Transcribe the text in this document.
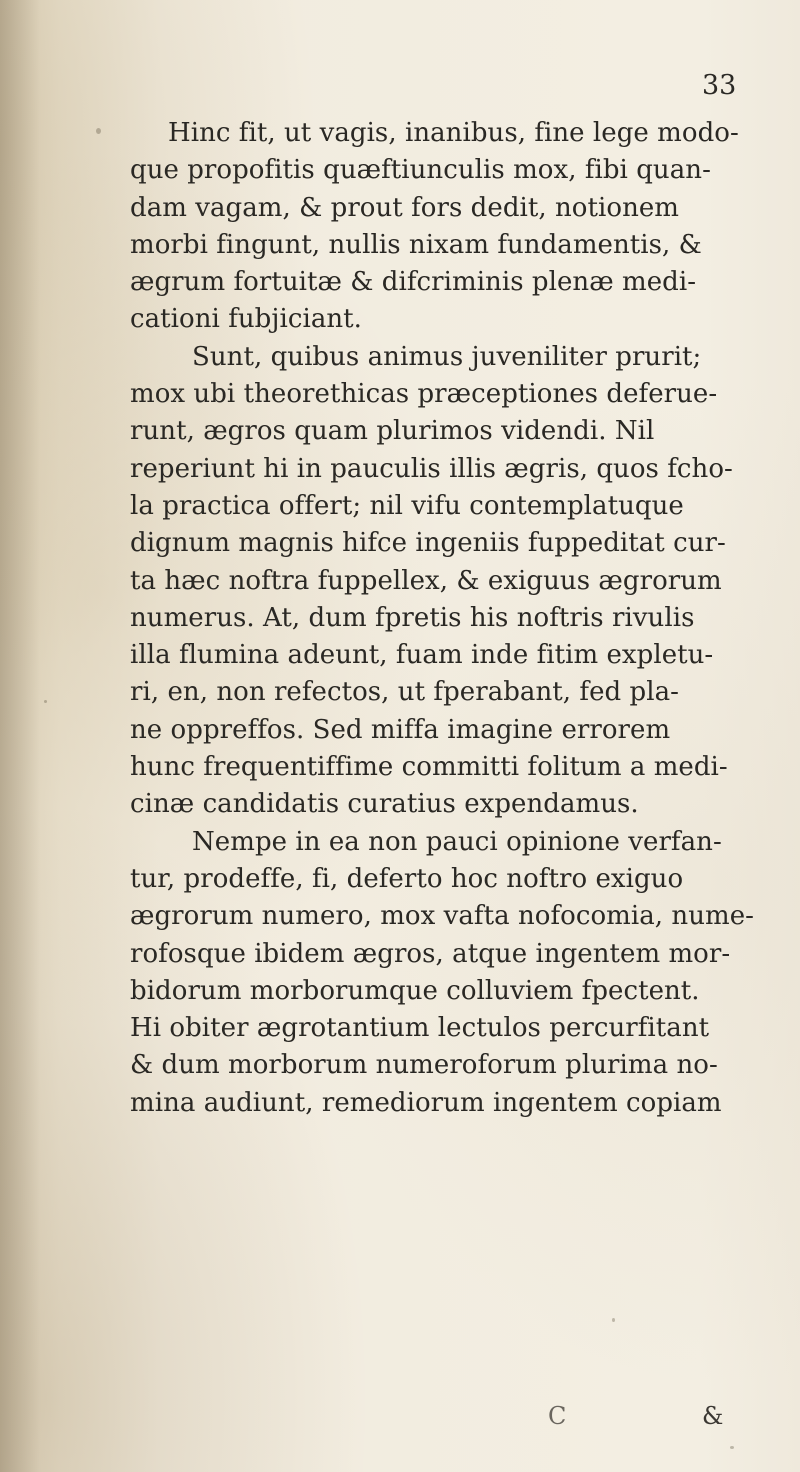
33
Hinc fit, ut vagis, inanibus, fine lege modo-
que propofitis quæftiunculis mox, fibi quan-
dam vagam, & prout fors dedit, notionem
morbi fingunt, nullis nixam fundamentis, &
ægrum fortuitæ & difcriminis plenæ medi-
cationi fubjiciant.
Sunt, quibus animus juveniliter prurit;
mox ubi theorethicas præceptiones deferue-
runt, ægros quam plurimos videndi. Nil
reperiunt hi in pauculis illis ægris, quos fcho-
la practica offert; nil vifu contemplatuque
dignum magnis hifce ingeniis fuppeditat cur-
ta hæc noftra fuppellex, & exiguus ægrorum
numerus. At, dum fpretis his noftris rivulis
illa flumina adeunt, fuam inde fitim expletu-
ri, en, non refectos, ut fperabant, fed pla-
ne oppreffos. Sed miffa imagine errorem
hunc frequentiffime committi folitum a medi-
cinæ candidatis curatius expendamus.
Nempe in ea non pauci opinione verfan-
tur, prodeffe, fi, deferto hoc noftro exiguo
ægrorum numero, mox vafta nofocomia, nume-
rofosque ibidem ægros, atque ingentem mor-
bidorum morborumque colluviem fpectent.
Hi obiter ægrotantium lectulos percurfitant
& dum morborum numeroforum plurima no-
mina audiunt, remediorum ingentem copiam
C	&
